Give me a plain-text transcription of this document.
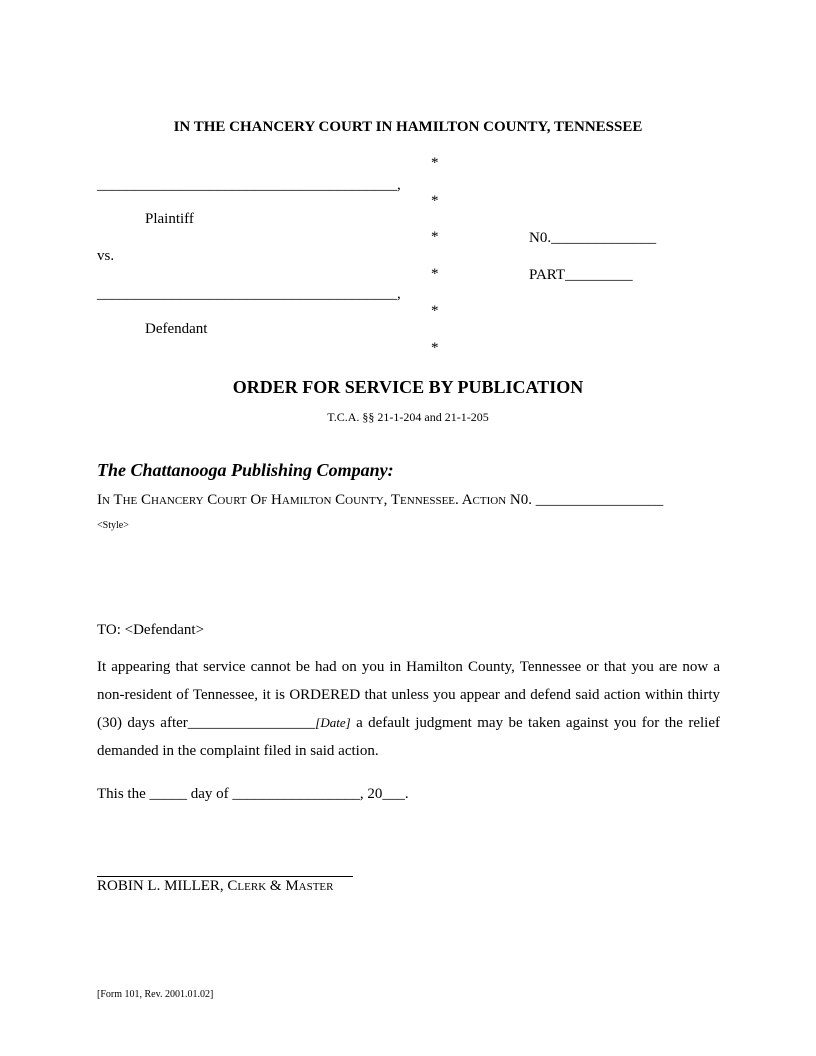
IN THE CHANCERY COURT IN HAMILTON COUNTY, TENNESSEE
________________________________________,
Plaintiff
vs.
________________________________________,
Defendant
*
*
*
*
*
*
N0.______________
PART_________
ORDER FOR SERVICE BY PUBLICATION
T.C.A. §§ 21-1-204 and 21-1-205
The Chattanooga Publishing Company:
In The Chancery Court Of Hamilton County, Tennessee. Action N0. _________________
<Style>
TO: <Defendant>
It appearing that service cannot be had on you in Hamilton County, Tennessee or that you are now a non-resident of Tennessee, it is ORDERED that unless you appear and defend said action within thirty (30) days after_________________[Date] a default judgment may be taken against you for the relief demanded in the complaint filed in said action.
This the _____ day of _________________, 20___.
ROBIN L. MILLER, Clerk & Master
[Form 101, Rev. 2001.01.02]
